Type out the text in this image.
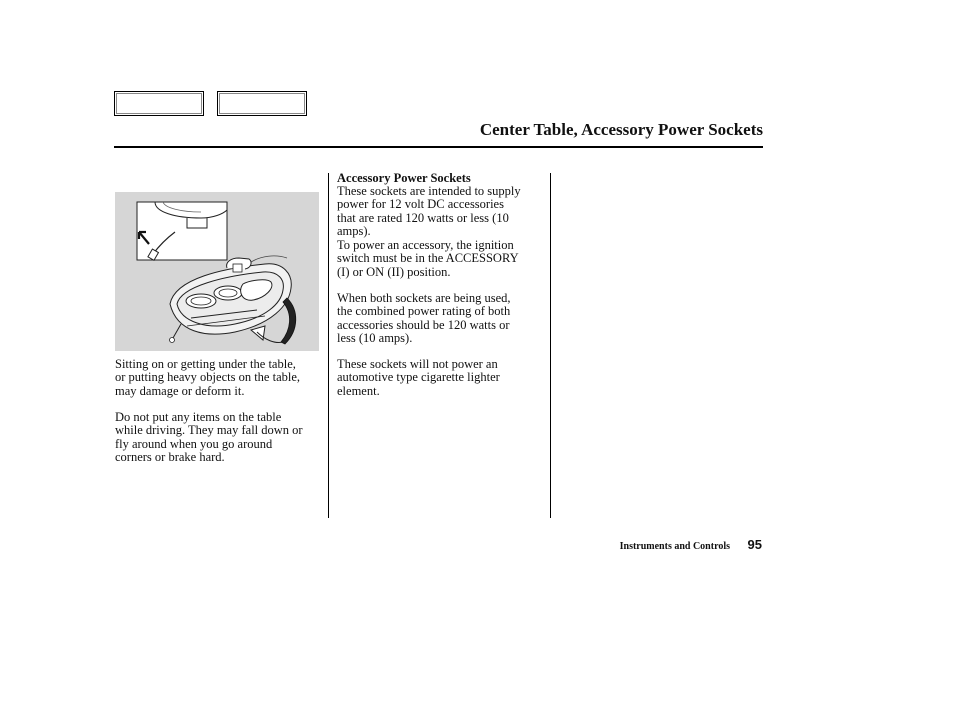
Center Table, Accessory Power Sockets

Sitting on or getting under the table,
or putting heavy objects on the table,
may damage or deform it.

Do not put any items on the table
while driving. They may fall down or
fly around when you go around
corners or brake hard.

Accessory Power Sockets

These sockets are intended to supply
power for 12 volt DC accessories
that are rated 120 watts or less (10
amps).

To power an accessory, the ignition
switch must be in the ACCESSORY
(I) or ON (II) position.

When both sockets are being used,
the combined power rating of both
accessories should be 120 watts or
less (10 amps).

These sockets will not power an
automotive type cigarette lighter
element.

Instruments and Controls 95
